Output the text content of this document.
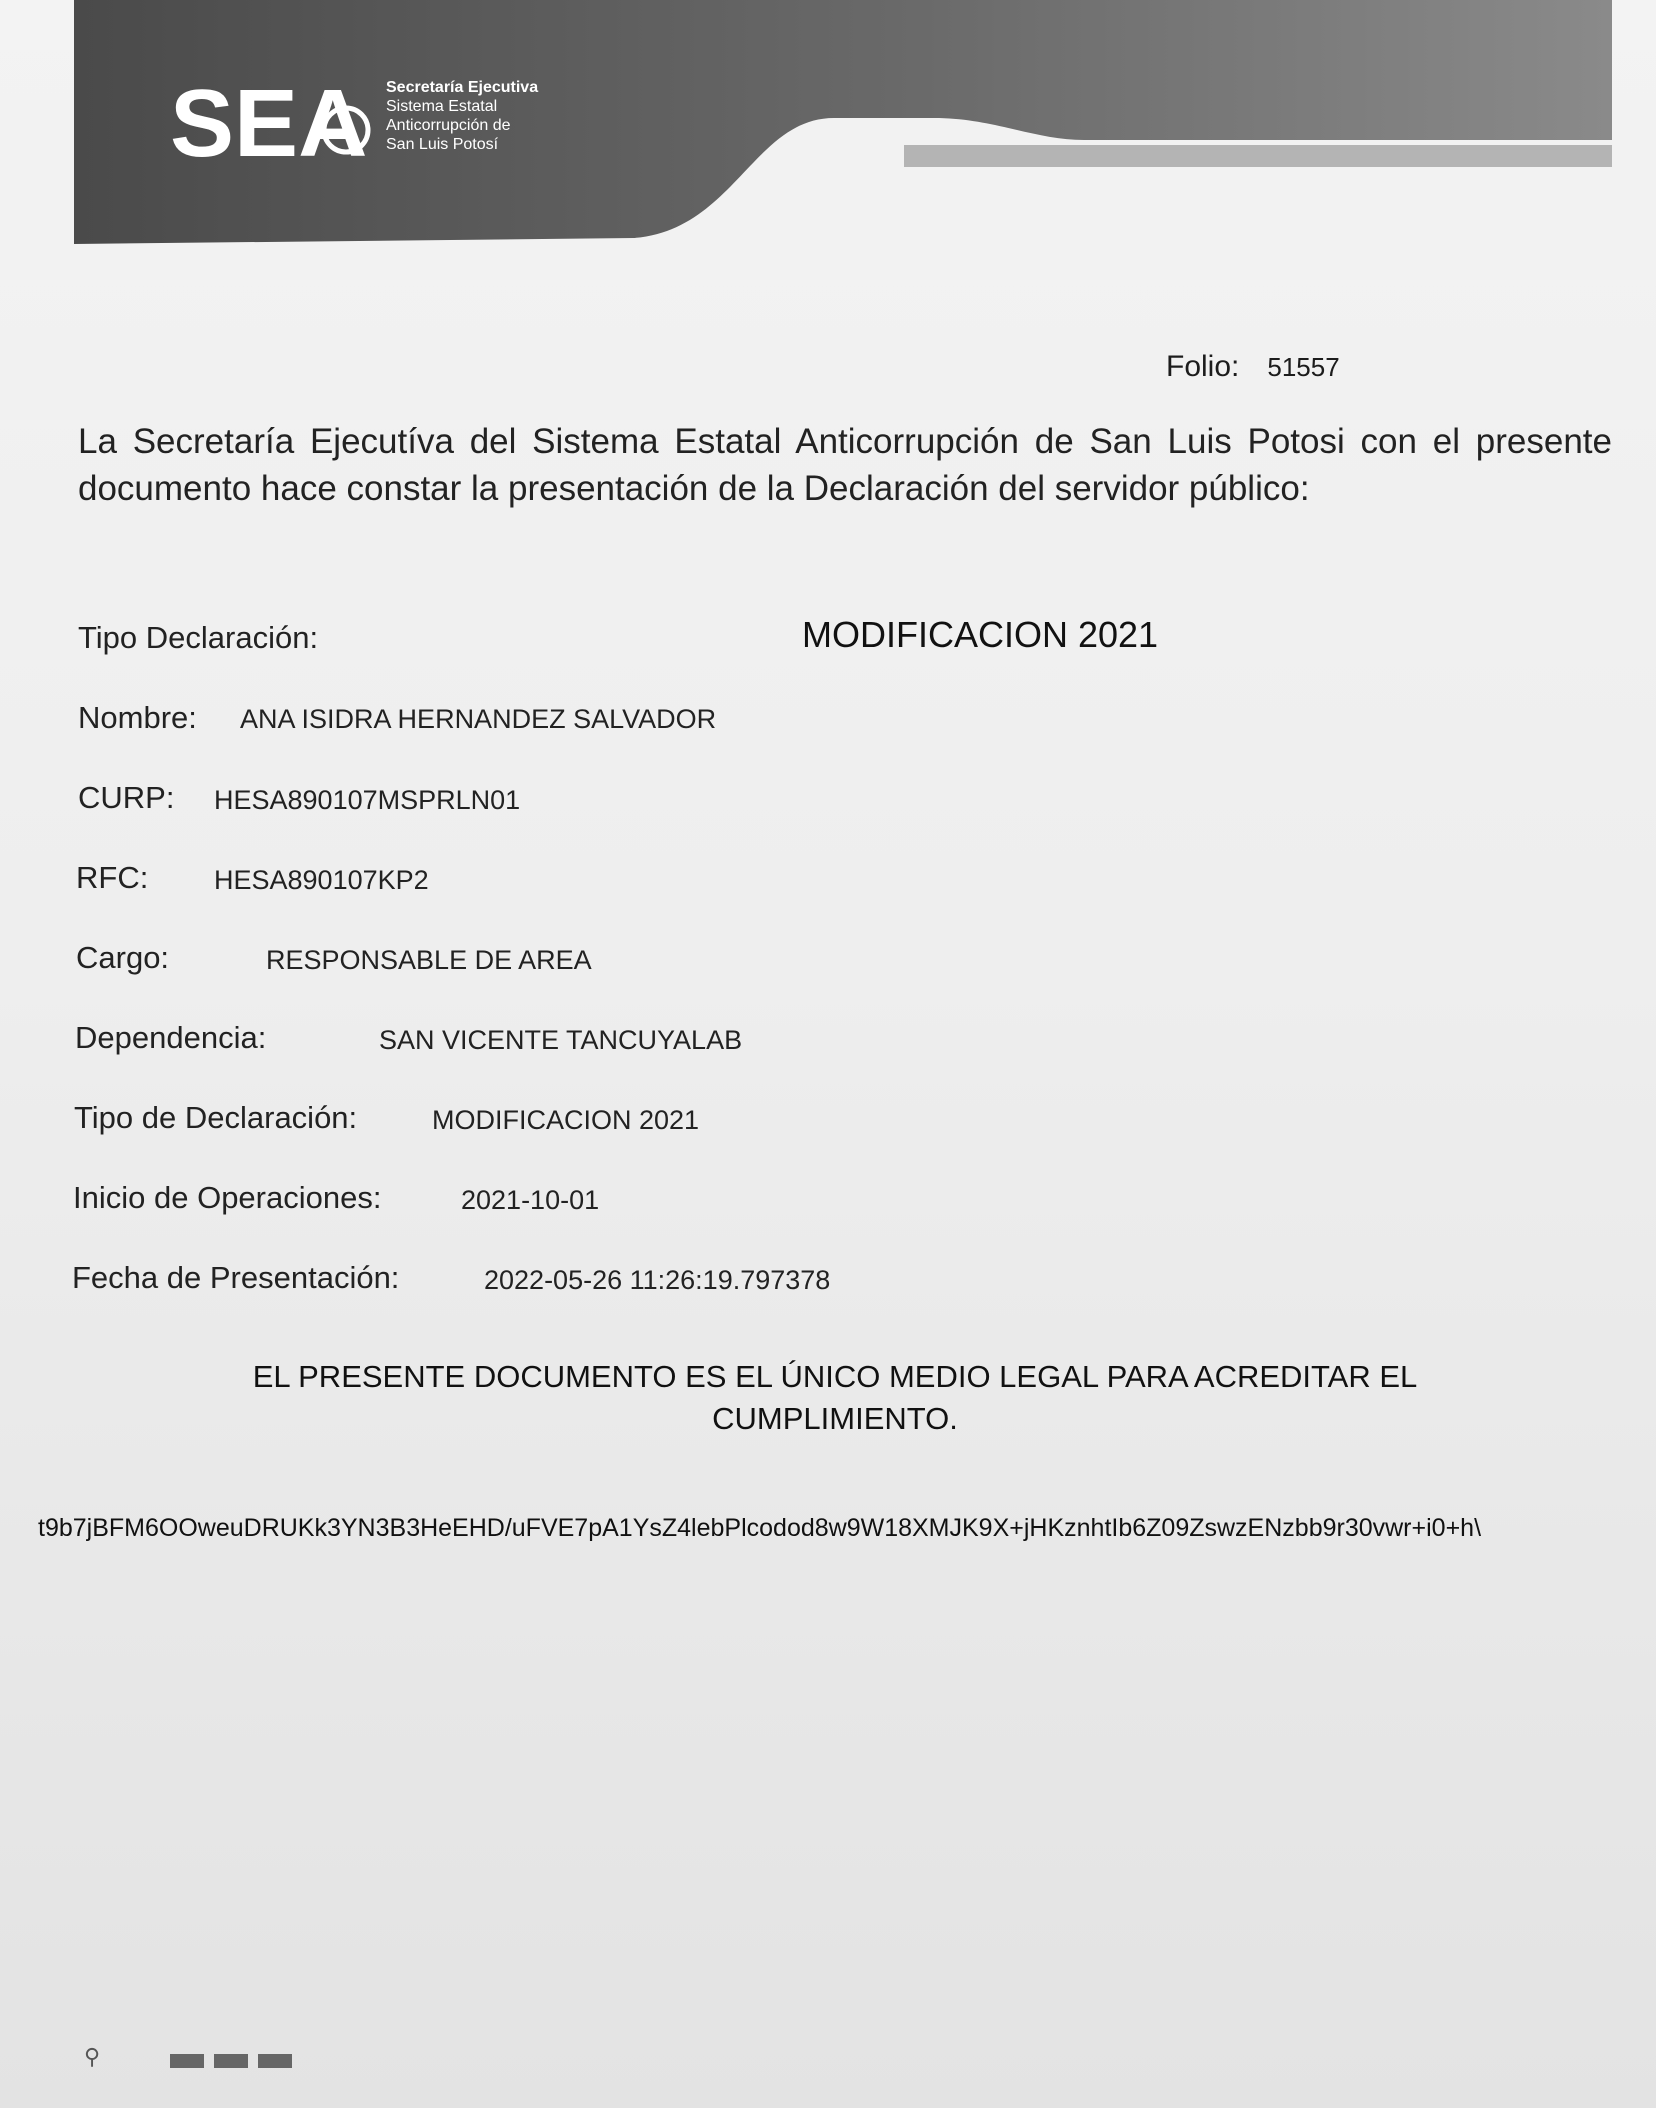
SEA Secretaría Ejecutiva
Sistema Estatal
Anticorrupción de
San Luis Potosí
Folio: 51557
La Secretaría Ejecutíva del Sistema Estatal Anticorrupción de San Luis Potosi con el presente documento hace constar la presentación de la Declaración del servidor público:
Tipo Declaración:	MODIFICACION 2021
Nombre: ANA ISIDRA HERNANDEZ SALVADOR
CURP: HESA890107MSPRLN01
RFC: HESA890107KP2
Cargo:	RESPONSABLE DE AREA
Dependencia:	SAN VICENTE TANCUYALAB
Tipo de Declaración:	MODIFICACION 2021
Inicio de Operaciones:	2021-10-01
Fecha de Presentación:	2022-05-26 11:26:19.797378
EL PRESENTE DOCUMENTO ES EL ÚNICO MEDIO LEGAL PARA ACREDITAR EL CUMPLIMIENTO.
t9b7jBFM6OOweuDRUKk3YN3B3HeEHD/uFVE7pA1YsZ4lebPlcodod8w9W18XMJK9X+jHKznhtIb6Z09ZswzENzbb9r30vwr+i0+h\
⚲
